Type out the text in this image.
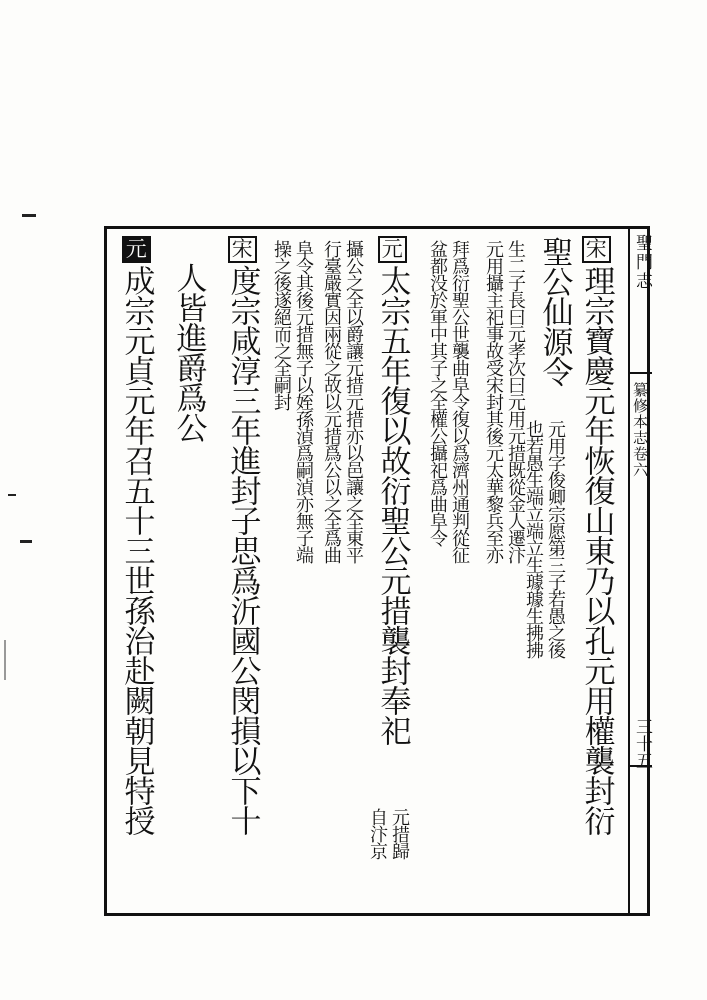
聖門志
纂修本志卷六
三十五
宋
理宗寶慶元年恢復山東乃以孔元用權襲封衍
聖公仙源令
元用字俊卿宗愿第三子若愚之後
也若愚生端立端立生璩璩生拂拂
生二子長曰元孝次曰元用元措既從金人遷汴
元用攝主祀事故受宋封其後元太華黎兵至亦
拜爲衍聖公世襲曲阜令復以爲濟州通判從征
盆都没於軍中其子之全權公攝祀爲曲阜令
元
太宗五年復以故衍聖公元措襲封奉祀
元措歸
自汴京
攝公之全以爵讓元措元措亦以邑讓之全東平
行臺嚴實因兩從之故以元措爲公以之全爲曲
阜令其後元措無子以姪孫湞爲嗣湞亦無子端
操之後遂絕而之全嗣封
宋
度宗咸淳三年進封子思爲沂國公閔損以下十
人皆進爵爲公
元
成宗元貞元年召五十三世孫治赴闕朝見特授
